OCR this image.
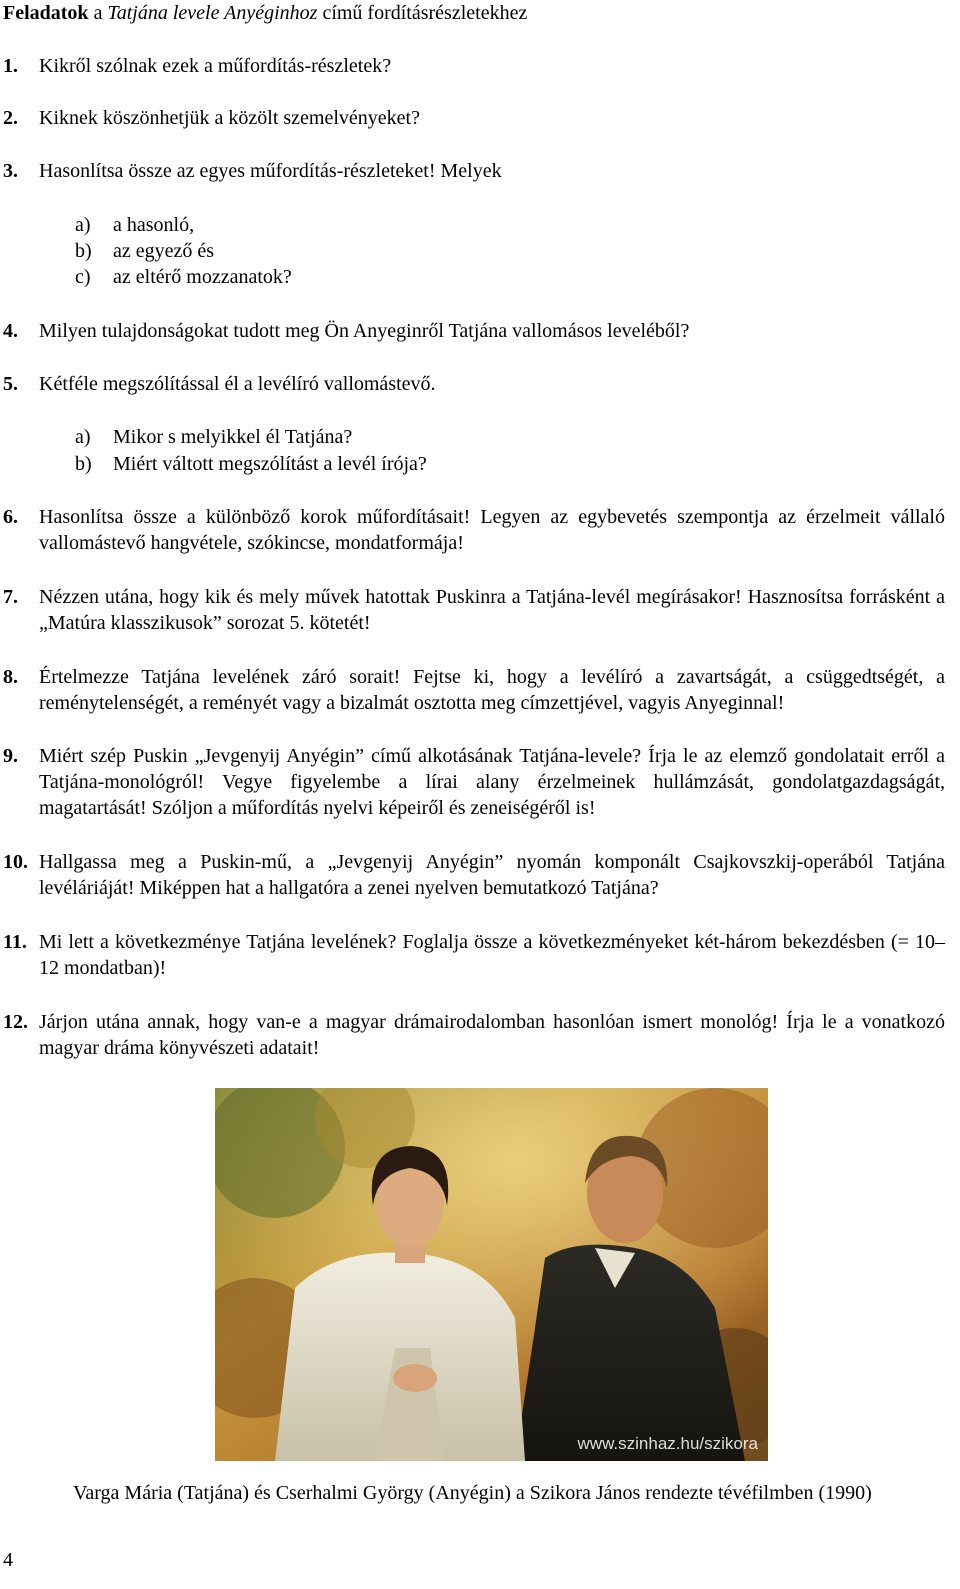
Feladatok a Tatjána levele Anyéginhoz című fordításrészletekhez
1. Kikről szólnak ezek a műfordítás-részletek?
2. Kiknek köszönhetjük a közölt szemelvényeket?
3. Hasonlítsa össze az egyes műfordítás-részleteket! Melyek
a) a hasonló,
b) az egyező és
c) az eltérő mozzanatok?
4. Milyen tulajdonságokat tudott meg Ön Anyeginről Tatjána vallomásos leveléből?
5. Kétféle megszólítással él a levélíró vallomástevő.
a) Mikor s melyikkel él Tatjána?
b) Miért váltott megszólítást a levél írója?
6. Hasonlítsa össze a különböző korok műfordításait! Legyen az egybevetés szempontja az érzelmeit vállaló vallomástevő hangvétele, szókincse, mondatformája!
7. Nézzen utána, hogy kik és mely művek hatottak Puskinra a Tatjána-levél megírásakor! Hasznosítsa forrásként a „Matúra klasszikusok” sorozat 5. kötetét!
8. Értelmezze Tatjána levelének záró sorait! Fejtse ki, hogy a levélíró a zavartságát, a csüggedtségét, a reménytelenségét, a reményét vagy a bizalmát osztotta meg címzettjével, vagyis Anyeginnal!
9. Miért szép Puskin „Jevgenyij Anyégin” című alkotásának Tatjána-levele? Írja le az elemző gondolatait erről a Tatjána-monológról! Vegye figyelembe a lírai alany érzelmeinek hullámzását, gondolatgazdagságát, magatartását! Szóljon a műfordítás nyelvi képeiről és zeneiségéről is!
10. Hallgassa meg a Puskin-mű, a „Jevgenyij Anyégin” nyomán komponált Csajkovszkij-operából Tatjána levéláriáját! Miképpen hat a hallgatóra a zenei nyelven bemutatkozó Tatjána?
11. Mi lett a következménye Tatjána levelének? Foglalja össze a következményeket két-három bekezdésben (= 10–12 mondatban)!
12. Járjon utána annak, hogy van-e a magyar drámairodalomban hasonlóan ismert monológ! Írja le a vonatkozó magyar dráma könyvészeti adatait!
www.szinhaz.hu/szikora
Varga Mária (Tatjána) és Cserhalmi György (Anyégin) a Szikora János rendezte tévéfilmben (1990)
4
